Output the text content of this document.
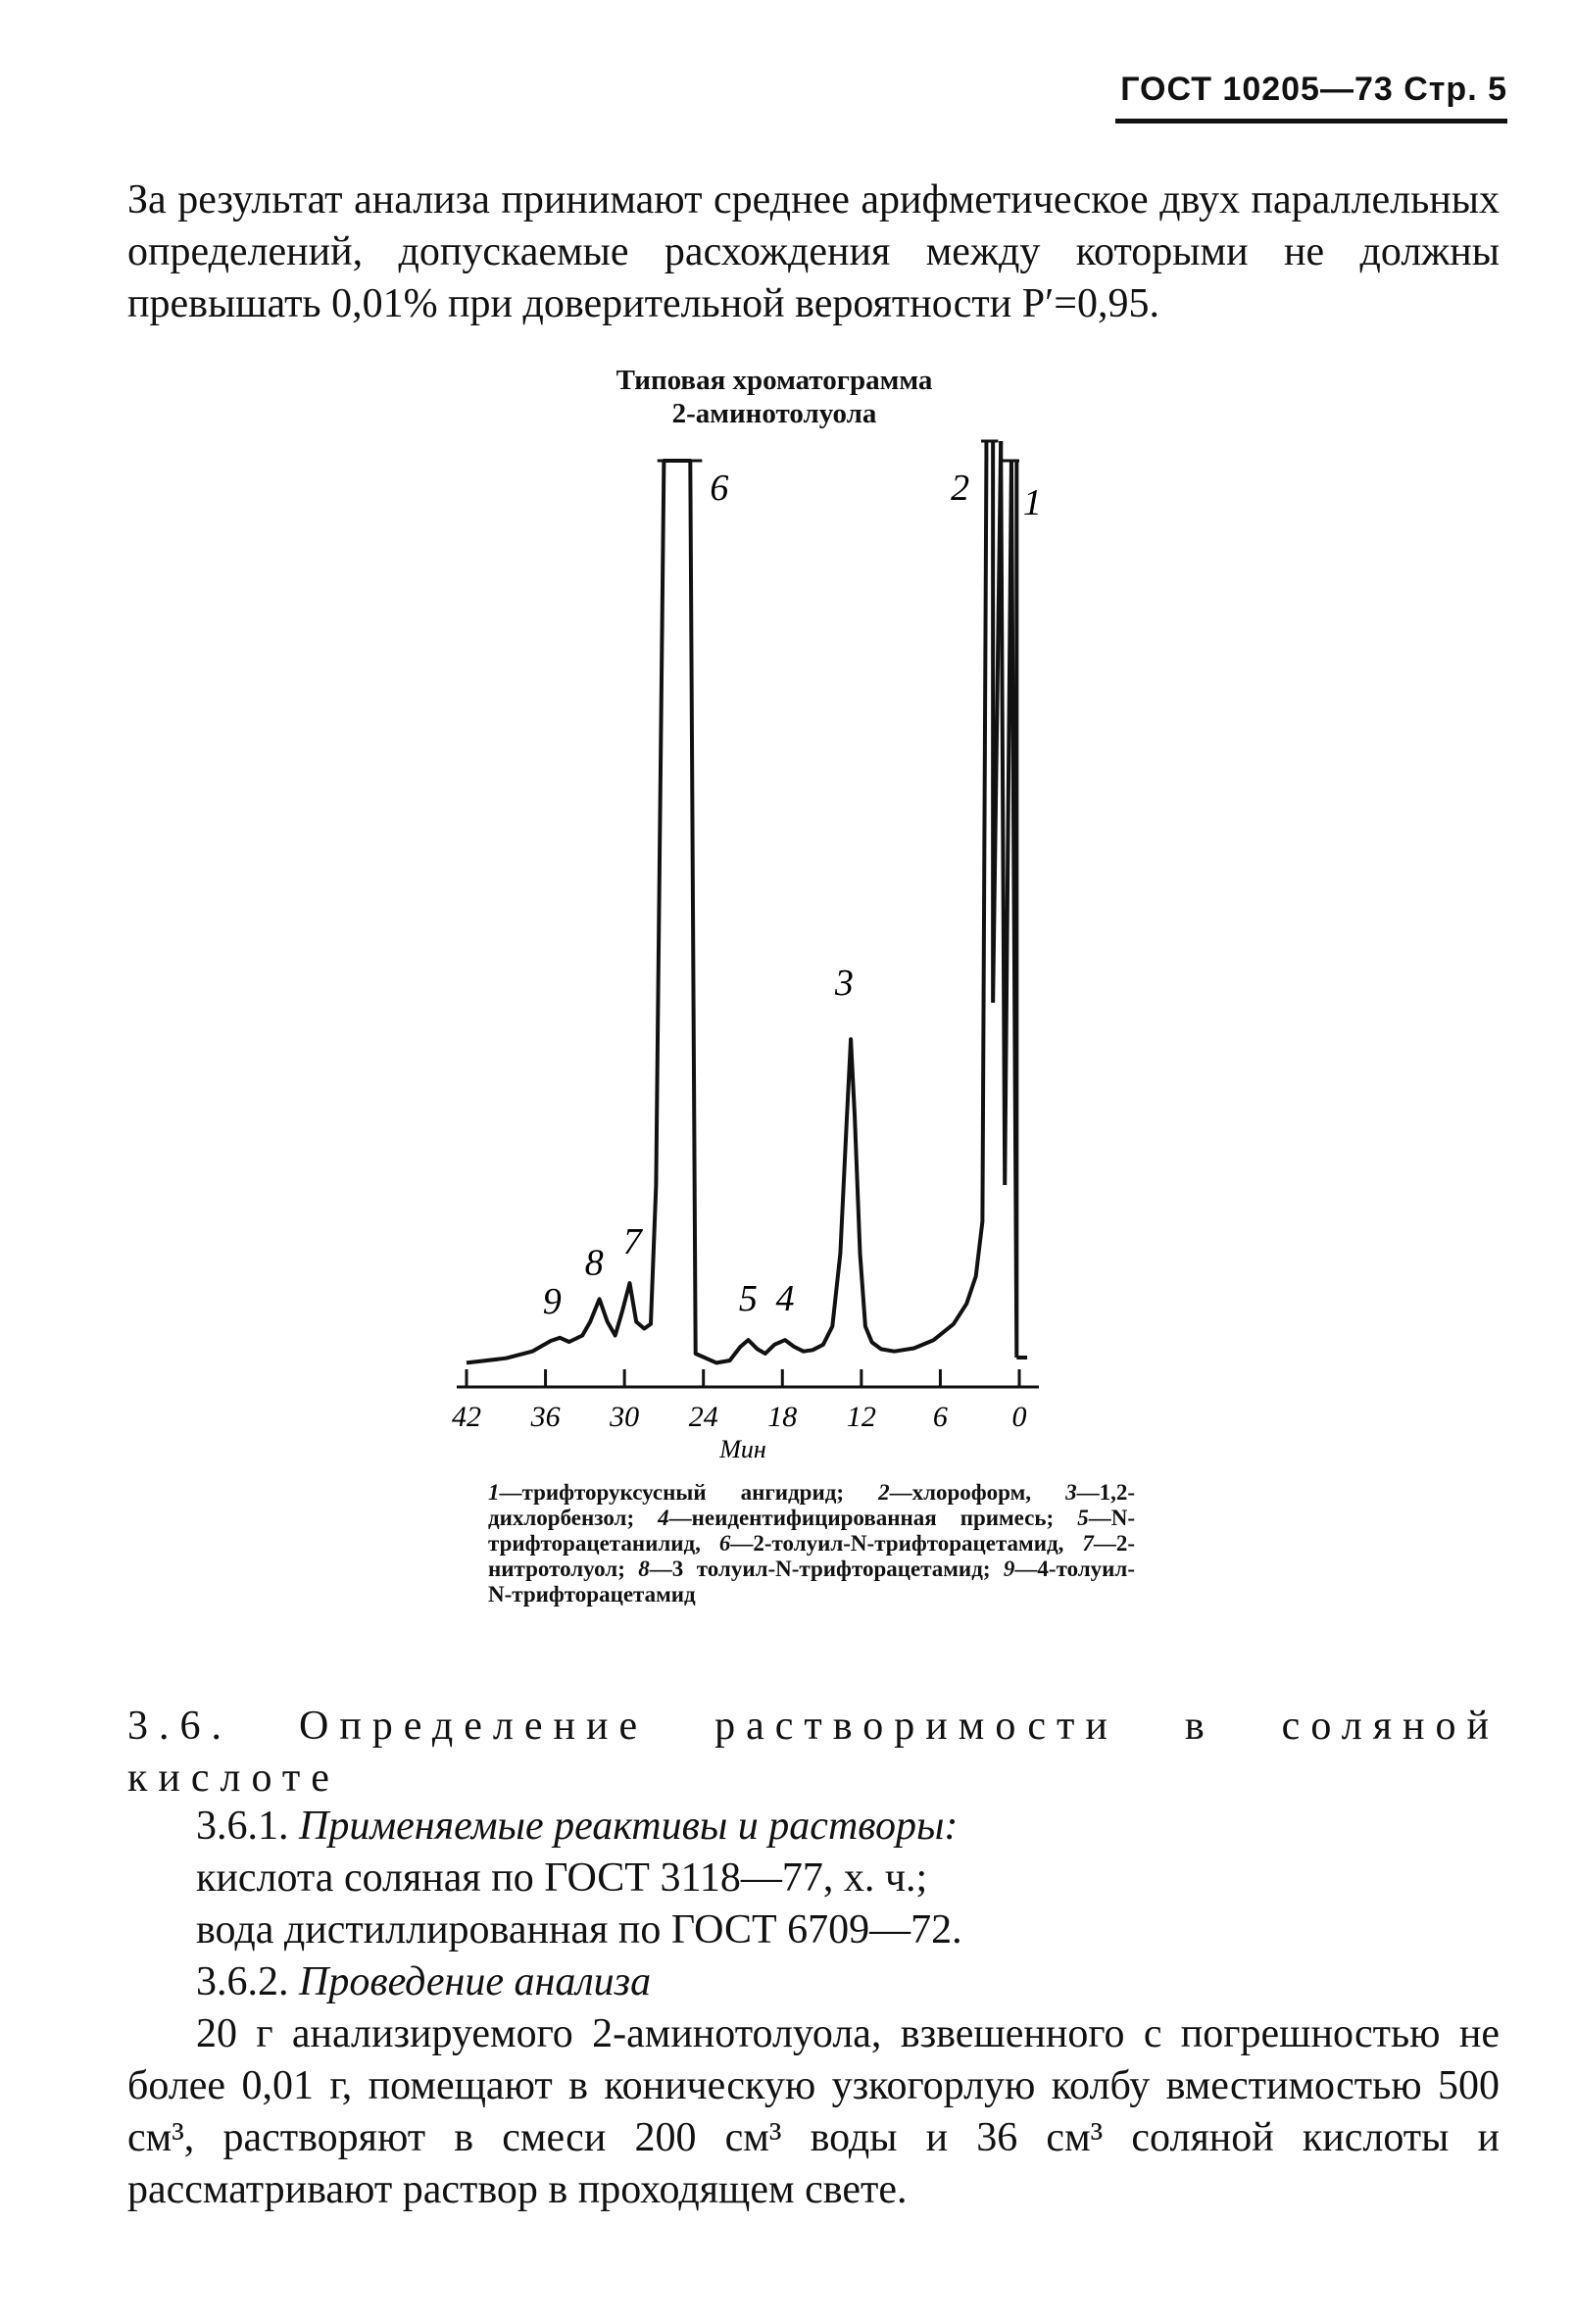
ГОСТ 10205—73 Стр. 5

За результат анализа принимают среднее арифметическое двух параллельных определений, допускаемые расхождения между которыми не должны превышать 0,01% при доверительной вероятности P′=0,95.

Типовая хроматограмма
2-аминотолуола
42 36 30 24 18 12 6 0
Мин
1
2
3
4
5
6
7
8
9

1—трифторуксусный ангидрид; 2—хлороформ, 3—1,2-дихлорбензол; 4—неидентифицированная примесь; 5—N-трифторацетанилид, 6—2-толуил-N-трифторацетамид, 7—2-нитротолуол; 8—3 толуил-N-трифторацетамид; 9—4-толуил-N-трифторацетамид

3.6. Определение растворимости в соляной кислоте

3.6.1. Применяемые реактивы и растворы:

кислота соляная по ГОСТ 3118—77, х. ч.;

вода дистиллированная по ГОСТ 6709—72.

3.6.2. Проведение анализа

20 г анализируемого 2-аминотолуола, взвешенного с погрешностью не более 0,01 г, помещают в коническую узкогорлую колбу вместимостью 500 см³, растворяют в смеси 200 см³ воды и 36 см³ соляной кислоты и рассматривают раствор в проходящем свете.
